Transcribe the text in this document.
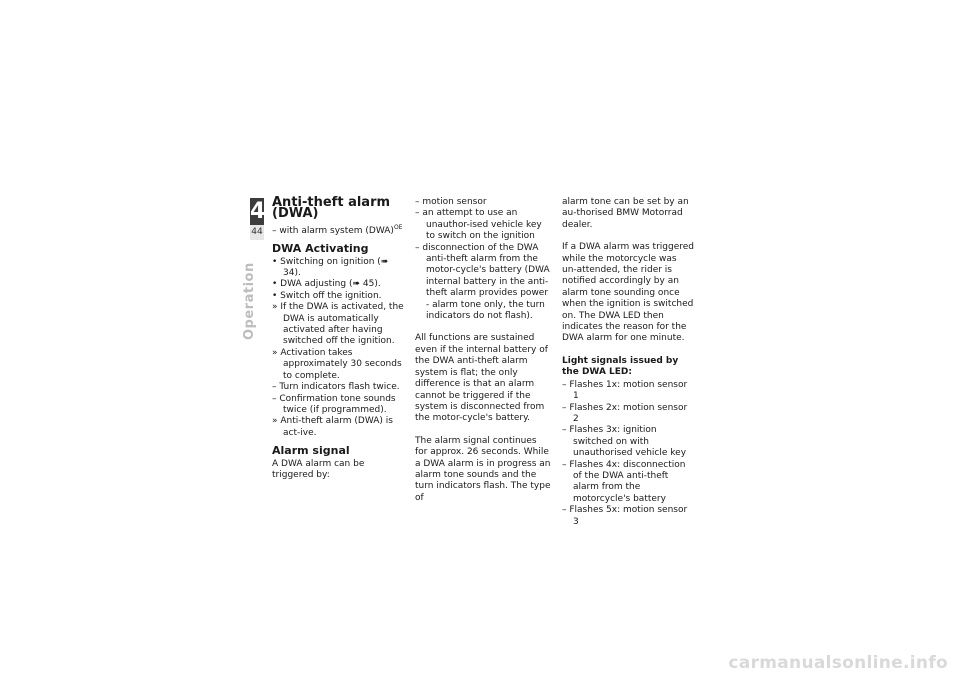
4
44
Operation
Anti-theft alarm (DWA)
– with alarm system (DWA)$^{OE}$
DWA Activating
• Switching on ignition (➠ 34).
• DWA adjusting (➠ 45).
• Switch off the ignition.
» If the DWA is activated, the DWA is automatically activated after having switched off the ignition.
» Activation takes approximately 30 seconds to complete.
– Turn indicators flash twice.
– Confirmation tone sounds twice (if programmed).
» Anti-theft alarm (DWA) is act-ive.
Alarm signal

A DWA alarm can be triggered by:

– motion sensor
– an attempt to use an unauthor-ised vehicle key to switch on the ignition
– disconnection of the DWA anti-theft alarm from the motor-cycle's battery (DWA internal battery in the anti-theft alarm provides power - alarm tone only, the turn indicators do not flash).

All functions are sustained even if the internal battery of the DWA anti-theft alarm system is flat; the only difference is that an alarm cannot be triggered if the system is disconnected from the motor-cycle's battery.

The alarm signal continues for approx. 26 seconds. While a DWA alarm is in progress an alarm tone sounds and the turn indicators flash. The type of

alarm tone can be set by an au-thorised BMW Motorrad dealer.

If a DWA alarm was triggered while the motorcycle was un-attended, the rider is notified accordingly by an alarm tone sounding once when the ignition is switched on. The DWA LED then indicates the reason for the DWA alarm for one minute.

Light signals issued by the DWA LED:
– Flashes 1x: motion sensor 1
– Flashes 2x: motion sensor 2
– Flashes 3x: ignition switched on with unauthorised vehicle key
– Flashes 4x: disconnection of the DWA anti-theft alarm from the motorcycle's battery
– Flashes 5x: motion sensor 3
carmanualsonline.info
